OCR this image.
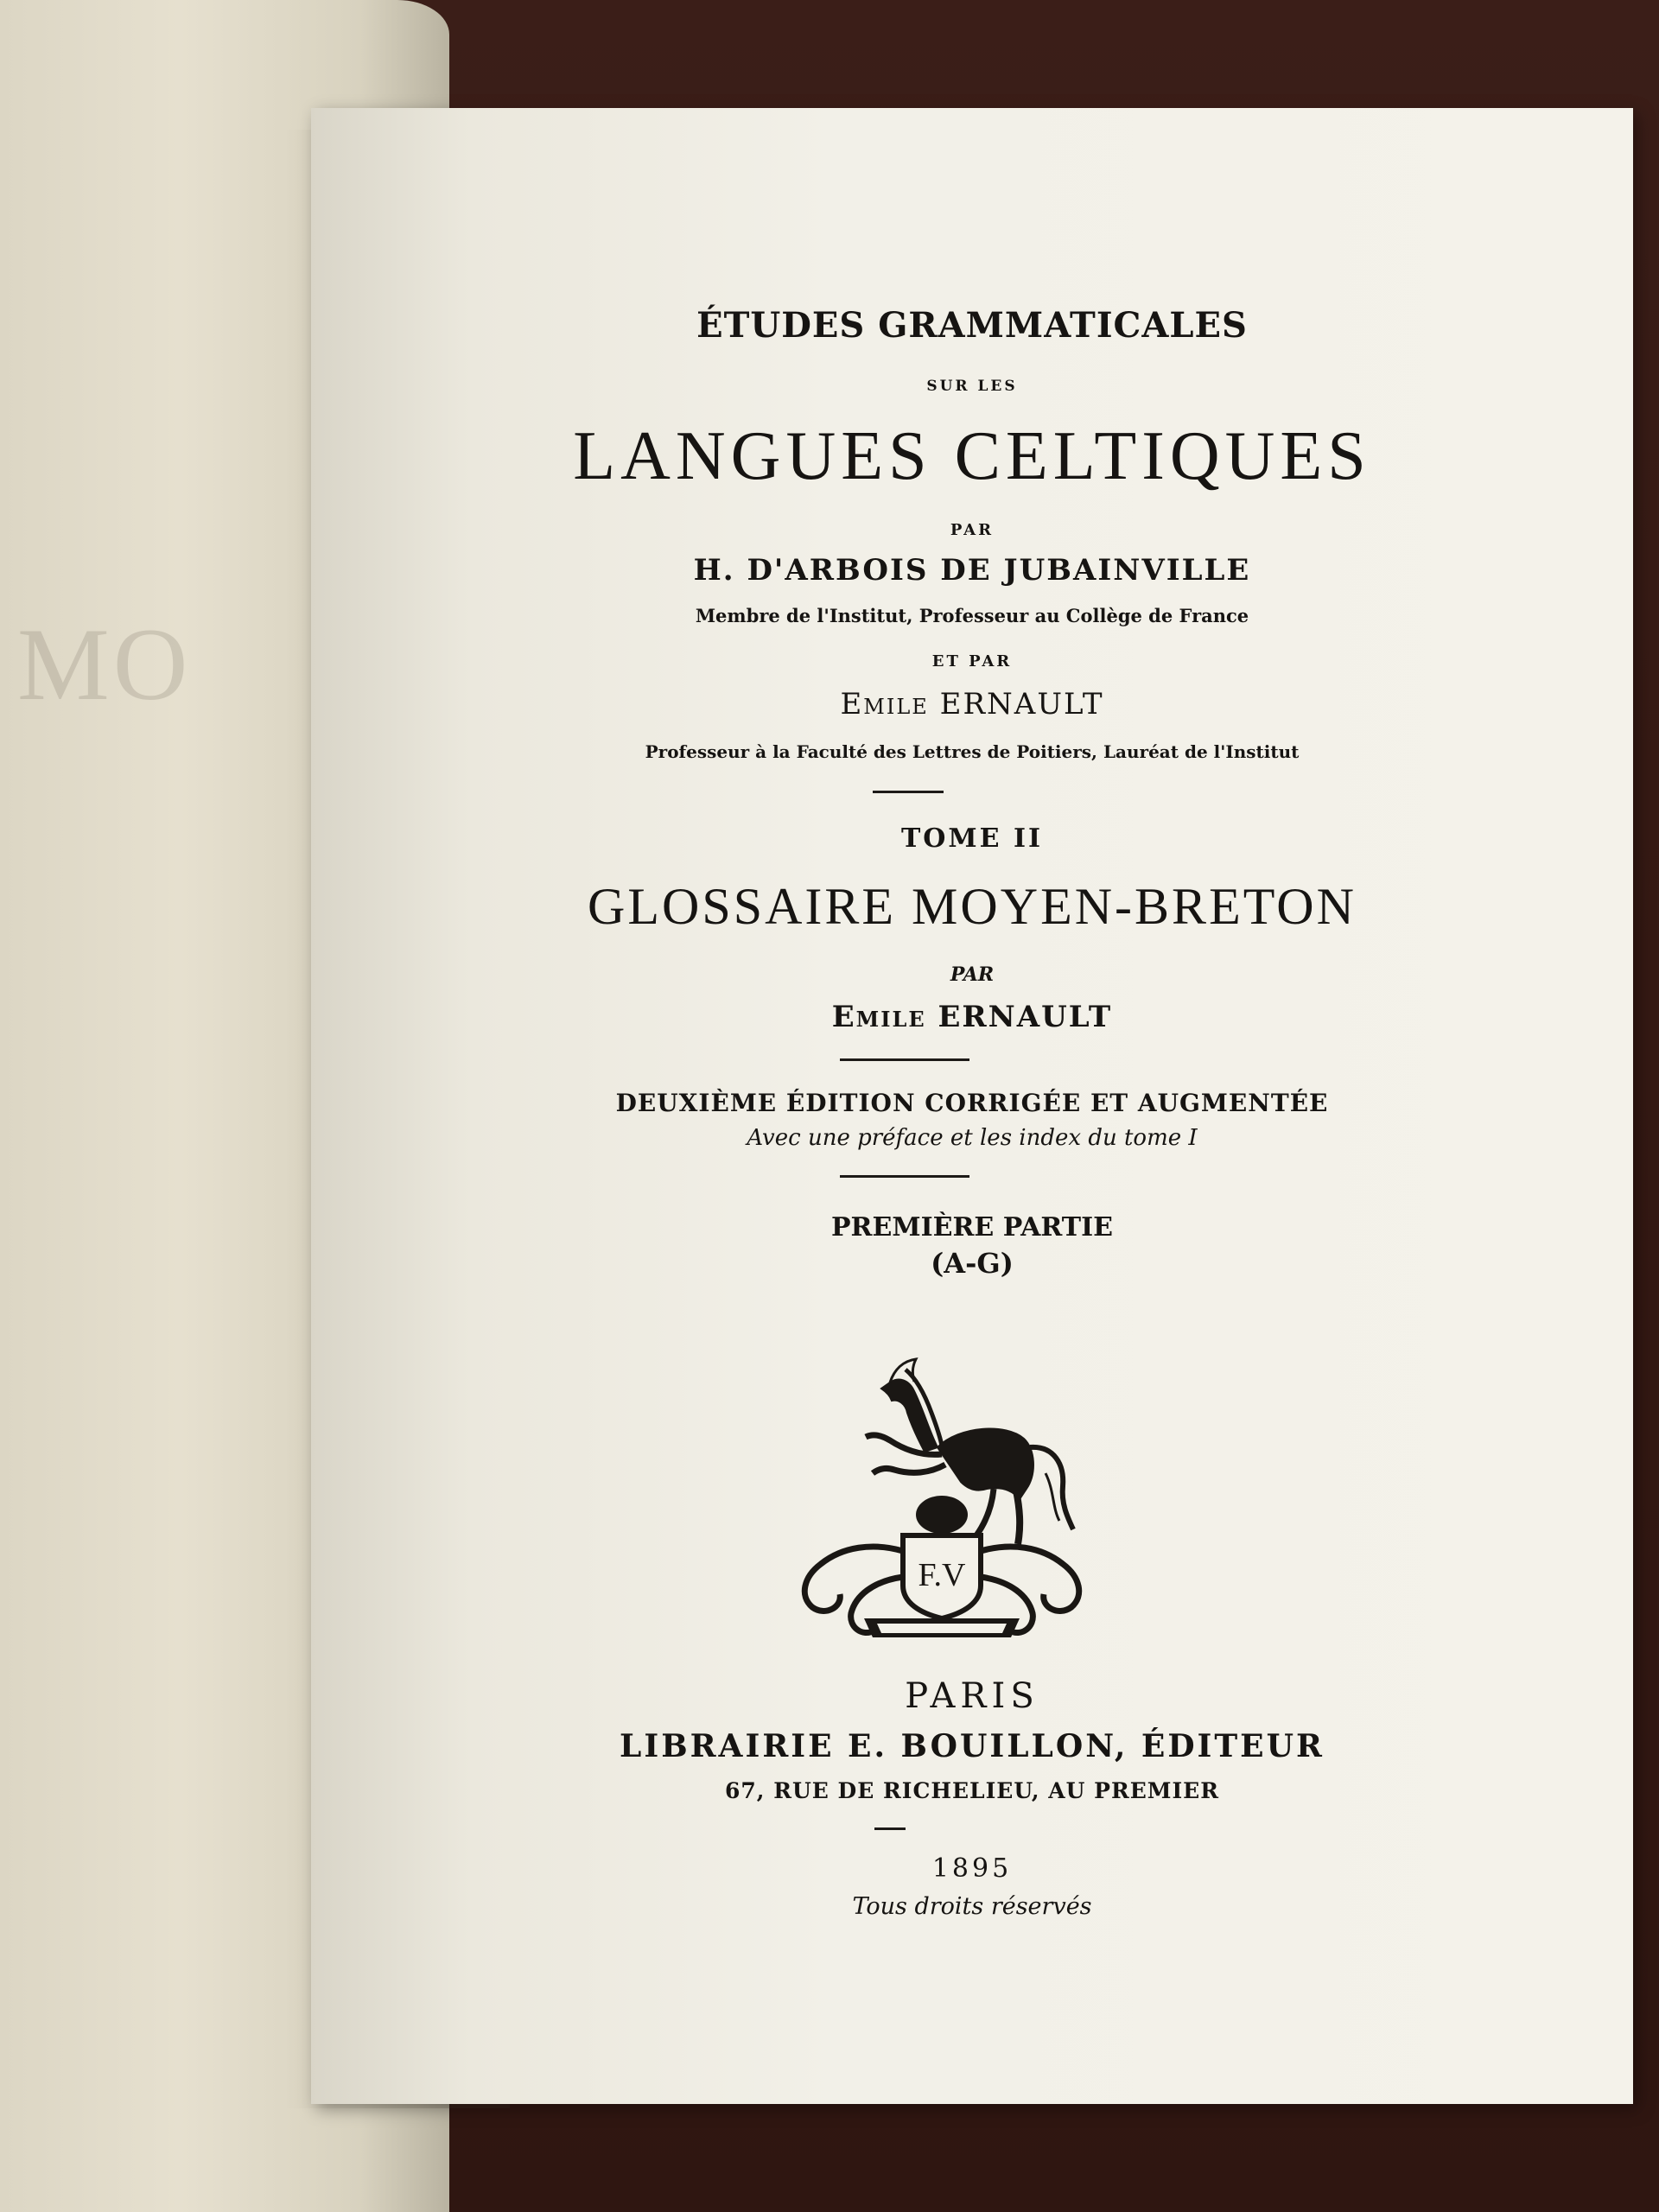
MO
ÉTUDES GRAMMATICALES
SUR LES
LANGUES CELTIQUES
PAR
H. D'ARBOIS DE JUBAINVILLE
Membre de l'Institut, Professeur au Collège de France
ET PAR
Emile ERNAULT
Professeur à la Faculté des Lettres de Poitiers, Lauréat de l'Institut
TOME II
GLOSSAIRE MOYEN-BRETON
PAR
Emile ERNAULT
DEUXIÈME ÉDITION CORRIGÉE ET AUGMENTÉE
Avec une préface et les index du tome I
PREMIÈRE PARTIE
(A-G)
F.V
PARIS
LIBRAIRIE E. BOUILLON, ÉDITEUR
67, RUE DE RICHELIEU, AU PREMIER
1895
Tous droits réservés
